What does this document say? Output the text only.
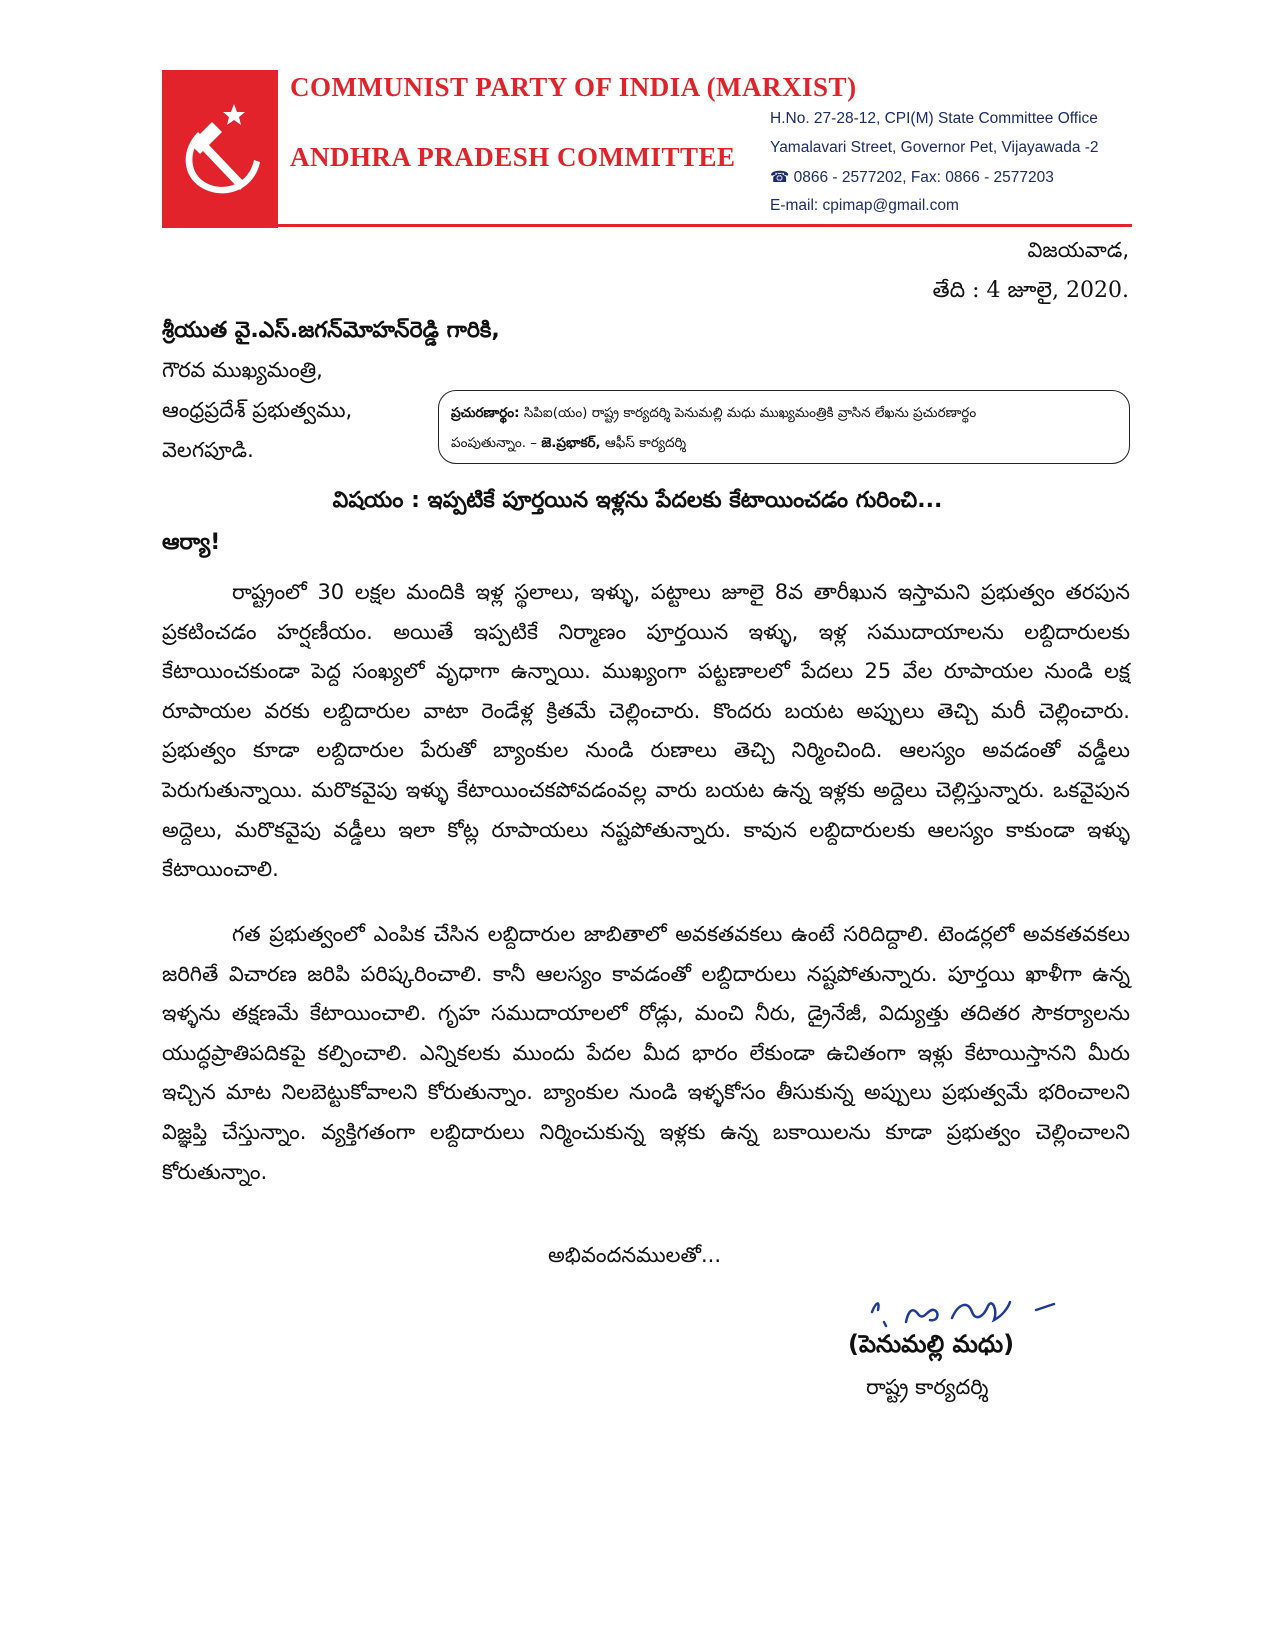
COMMUNIST PARTY OF INDIA (MARXIST)
ANDHRA PRADESH COMMITTEE
H.No. 27-28-12, CPI(M) State Committee Office
Yamalavari Street, Governor Pet, Vijayawada -2
☎ 0866 - 2577202, Fax: 0866 - 2577203
E-mail: cpimap@gmail.com
విజయవాడ,
తేది : 4 జూలై, 2020.
శ్రీయుత వై.ఎస్.జగన్‌మోహన్‌రెడ్డి గారికి,
గౌరవ ముఖ్యమంత్రి,
ఆంధ్రప్రదేశ్ ప్రభుత్వము,
వెలగపూడి.
ప్రచురణార్థం: సిపిఐ(యం) రాష్ట్ర కార్యదర్శి పెనుమల్లి మధు ముఖ్యమంత్రికి వ్రాసిన లేఖను ప్రచురణార్థం
పంపుతున్నాం. – జె.ప్రభాకర్, ఆఫీస్ కార్యదర్శి
విషయం : ఇప్పటికే పూర్తయిన ఇళ్లను పేదలకు కేటాయించడం గురించి...
ఆర్యా!
రాష్ట్రంలో 30 లక్షల మందికి ఇళ్ల స్థలాలు, ఇళ్ళు, పట్టాలు జూలై 8వ తారీఖున ఇస్తామని ప్రభుత్వం తరపున ప్రకటించడం హర్షణీయం. అయితే ఇప్పటికే నిర్మాణం పూర్తయిన ఇళ్ళు, ఇళ్ల సముదాయాలను లబ్దిదారులకు కేటాయించకుండా పెద్ద సంఖ్యలో వృధాగా ఉన్నాయి. ముఖ్యంగా పట్టణాలలో పేదలు 25 వేల రూపాయల నుండి లక్ష రూపాయల వరకు లబ్దిదారుల వాటా రెండేళ్ల క్రితమే చెల్లించారు. కొందరు బయట అప్పులు తెచ్చి మరీ చెల్లించారు. ప్రభుత్వం కూడా లబ్దిదారుల పేరుతో బ్యాంకుల నుండి రుణాలు తెచ్చి నిర్మించింది. ఆలస్యం అవడంతో వడ్డీలు పెరుగుతున్నాయి. మరొకవైపు ఇళ్ళు కేటాయించకపోవడంవల్ల వారు బయట ఉన్న ఇళ్లకు అద్దెలు చెల్లిస్తున్నారు. ఒకవైపున అద్దెలు, మరొకవైపు వడ్డీలు ఇలా కోట్ల రూపాయలు నష్టపోతున్నారు. కావున లబ్దిదారులకు ఆలస్యం కాకుండా ఇళ్ళు కేటాయించాలి.
గత ప్రభుత్వంలో ఎంపిక చేసిన లబ్దిదారుల జాబితాలో అవకతవకలు ఉంటే సరిదిద్దాలి. టెండర్లలో అవకతవకలు జరిగితే విచారణ జరిపి పరిష్కరించాలి. కానీ ఆలస్యం కావడంతో లబ్దిదారులు నష్టపోతున్నారు. పూర్తయి ఖాళీగా ఉన్న ఇళ్ళను తక్షణమే కేటాయించాలి. గృహ సముదాయాలలో రోడ్లు, మంచి నీరు, డ్రైనేజీ, విద్యుత్తు తదితర సౌకర్యాలను యుద్ధప్రాతిపదికపై కల్పించాలి. ఎన్నికలకు ముందు పేదల మీద భారం లేకుండా ఉచితంగా ఇళ్లు కేటాయిస్తానని మీరు ఇచ్చిన మాట నిలబెట్టుకోవాలని కోరుతున్నాం. బ్యాంకుల నుండి ఇళ్ళకోసం తీసుకున్న అప్పులు ప్రభుత్వమే భరించాలని విజ్ఞప్తి చేస్తున్నాం. వ్యక్తిగతంగా లబ్దిదారులు నిర్మించుకున్న ఇళ్లకు ఉన్న బకాయిలను కూడా ప్రభుత్వం చెల్లించాలని కోరుతున్నాం.
అభివందనములతో...
(పెనుమల్లి మధు)
రాష్ట్ర కార్యదర్శి
